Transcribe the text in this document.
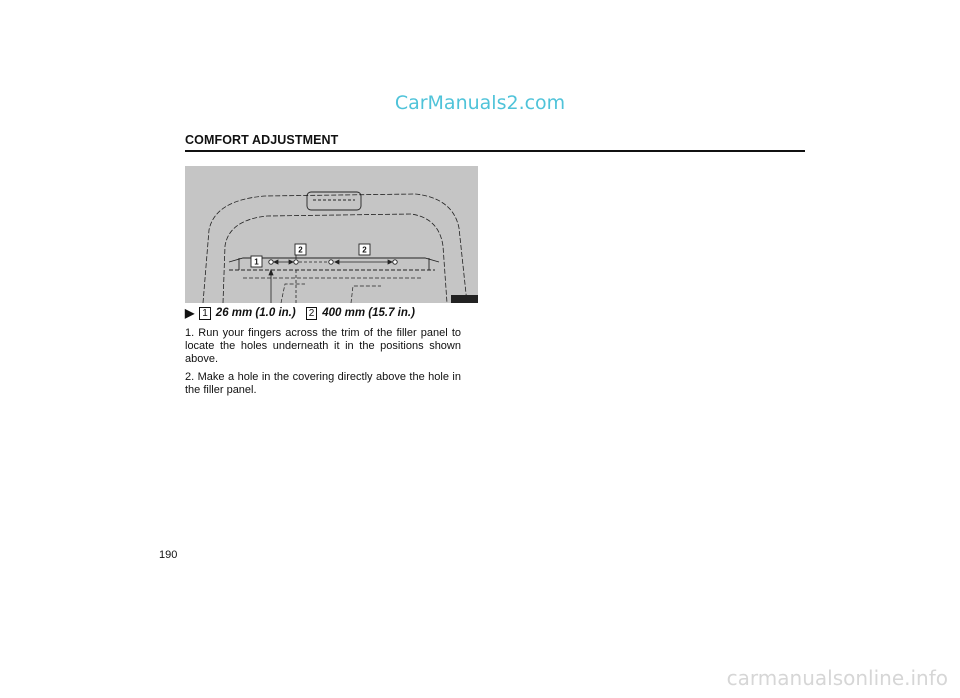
CarManuals2.com
COMFORT ADJUSTMENT
1
2	2
▶ 1 26 mm (1.0 in.)	2 400 mm (15.7 in.)

1. Run your fingers across the trim of the filler panel to locate the holes underneath it in the positions shown above.

2. Make a hole in the covering directly above the hole in the filler panel.

190
carmanualsonline.info
